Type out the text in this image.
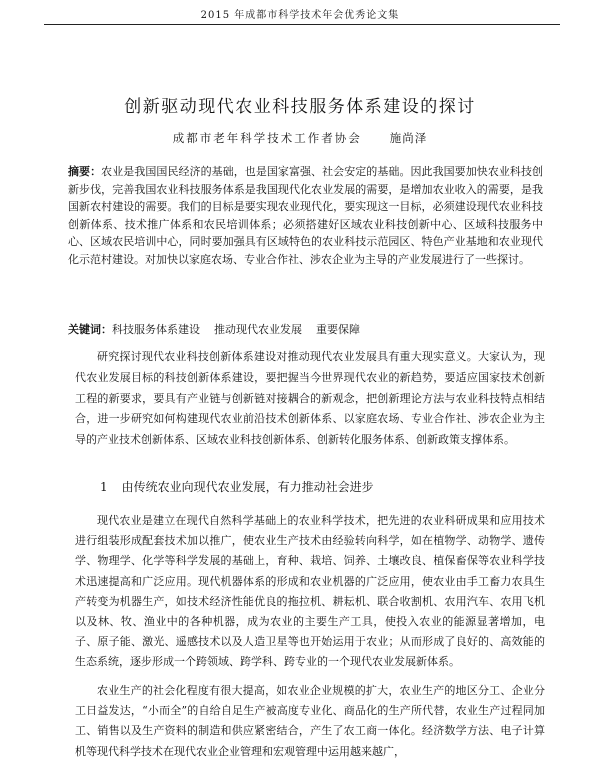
2015 年成都市科学技术年会优秀论文集
创新驱动现代农业科技服务体系建设的探讨
成都市老年科学技术工作者协会 施尚泽

摘要：农业是我国国民经济的基础，也是国家富强、社会安定的基础。因此我国要加快农业科技创新步伐，完善我国农业科技服务体系是我国现代化农业发展的需要，是增加农业收入的需要，是我国新农村建设的需要。我们的目标是要实现农业现代化，要实现这一目标，必须建设现代农业科技创新体系、技术推广体系和农民培训体系；必须搭建好区域农业科技创新中心、区域科技服务中心、区域农民培训中心，同时要加强具有区域特色的农业科技示范园区、特色产业基地和农业现代化示范村建设。对加快以家庭农场、专业合作社、涉农企业为主导的产业发展进行了一些探讨。

关键词：科技服务体系建设 推动现代农业发展 重要保障

研究探讨现代农业科技创新体系建设对推动现代农业发展具有重大现实意义。大家认为，现代农业发展目标的科技创新体系建设，要把握当今世界现代农业的新趋势，要适应国家技术创新工程的新要求，要具有产业链与创新链对接耦合的新观念，把创新理论方法与农业科技特点相结合，进一步研究如何构建现代农业前沿技术创新体系、以家庭农场、专业合作社、涉农企业为主导的产业技术创新体系、区域农业科技创新体系、创新转化服务体系、创新政策支撑体系。

1 由传统农业向现代农业发展，有力推动社会进步

现代农业是建立在现代自然科学基础上的农业科学技术，把先进的农业科研成果和应用技术进行组装形成配套技术加以推广，使农业生产技术由经验转向科学，如在植物学、动物学、遗传学、物理学、化学等科学发展的基础上，育种、栽培、饲养、土壤改良、植保畜保等农业科学技术迅速提高和广泛应用。现代机器体系的形成和农业机器的广泛应用，使农业由手工畜力农具生产转变为机器生产，如技术经济性能优良的拖拉机、耕耘机、联合收割机、农用汽车、农用飞机以及林、牧、渔业中的各种机器，成为农业的主要生产工具，使投入农业的能源显著增加，电子、原子能、激光、遥感技术以及人造卫星等也开始运用于农业；从而形成了良好的、高效能的生态系统，逐步形成一个跨领域、跨学科、跨专业的一个现代农业发展新体系。

农业生产的社会化程度有很大提高，如农业企业规模的扩大，农业生产的地区分工、企业分工日益发达，“小而全”的自给自足生产被高度专业化、商品化的生产所代替，农业生产过程同加工、销售以及生产资料的制造和供应紧密结合，产生了农工商一体化。经济数学方法、电子计算机等现代科学技术在现代农业企业管理和宏观管理中运用越来越广，
